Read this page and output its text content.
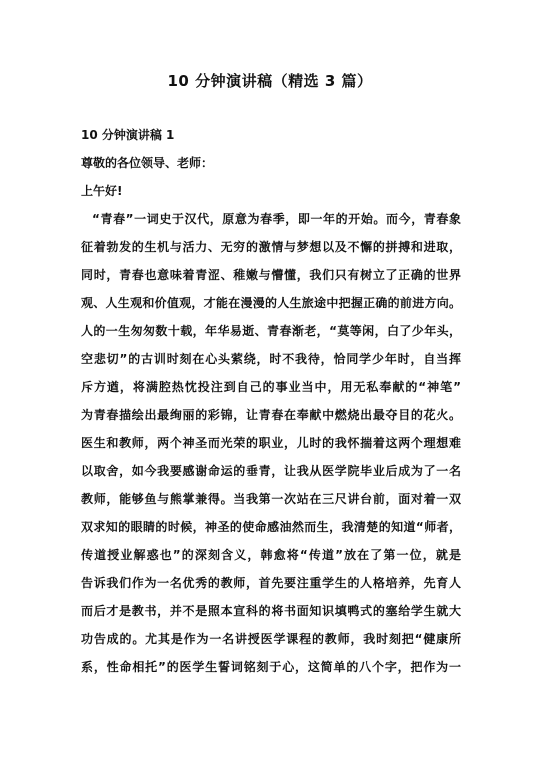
10 分钟演讲稿（精选 3 篇）
10 分钟演讲稿 1
尊敬的各位领导、老师：
上午好!
“青春”一词史于汉代，原意为春季，即一年的开始。而今，青春象
征着勃发的生机与活力、无穷的激情与梦想以及不懈的拼搏和进取，
同时，青春也意味着青涩、稚嫩与懵懂，我们只有树立了正确的世界
观、人生观和价值观，才能在漫漫的人生旅途中把握正确的前进方向。
人的一生匆匆数十载，年华易逝、青春渐老，“莫等闲，白了少年头，
空悲切”的古训时刻在心头萦绕，时不我待，恰同学少年时，自当挥
斥方遒，将满腔热忱投注到自己的事业当中，用无私奉献的“神笔”
为青春描绘出最绚丽的彩锦，让青春在奉献中燃烧出最夺目的花火。
医生和教师，两个神圣而光荣的职业，儿时的我怀揣着这两个理想难
以取舍，如今我要感谢命运的垂青，让我从医学院毕业后成为了一名
教师，能够鱼与熊掌兼得。当我第一次站在三尺讲台前，面对着一双
双求知的眼睛的时候，神圣的使命感油然而生，我清楚的知道“师者，
传道授业解惑也”的深刻含义，韩愈将“传道”放在了第一位，就是
告诉我们作为一名优秀的教师，首先要注重学生的人格培养，先育人
而后才是教书，并不是照本宣科的将书面知识填鸭式的塞给学生就大
功告成的。尤其是作为一名讲授医学课程的教师，我时刻把“健康所
系，性命相托”的医学生誓词铭刻于心，这简单的八个字，把作为一
